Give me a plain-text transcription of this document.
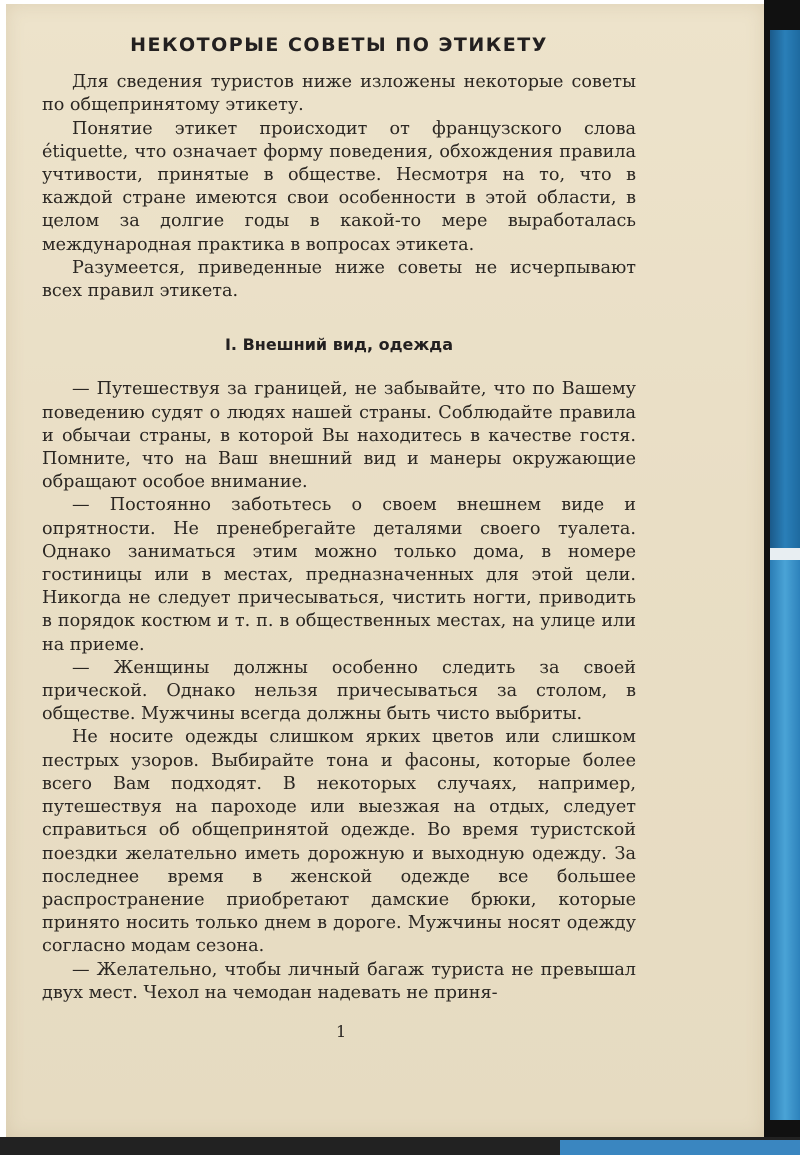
НЕКОТОРЫЕ СОВЕТЫ ПО ЭТИКЕТУ

Для сведения туристов ниже изложены некоторые советы по общепринятому этикету.

Понятие этикет происходит от французского слова étiquette, что означает форму поведения, обхождения правила учтивости, принятые в обществе. Несмотря на то, что в каждой стране имеются свои особенности в этой области, в целом за долгие годы в какой-то мере выработалась международная практика в вопросах этикета.

Разумеется, приведенные ниже советы не исчерпывают всех правил этикета.

I. Внешний вид, одежда

— Путешествуя за границей, не забывайте, что по Вашему поведению судят о людях нашей страны. Соблюдайте правила и обычаи страны, в которой Вы находитесь в качестве гостя. Помните, что на Ваш внешний вид и манеры окружающие обращают особое внимание.

— Постоянно заботьтесь о своем внешнем виде и опрятности. Не пренебрегайте деталями своего туалета. Однако заниматься этим можно только дома, в номере гостиницы или в местах, предназначенных для этой цели. Никогда не следует причесываться, чистить ногти, приводить в порядок костюм и т. п. в общественных местах, на улице или на приеме.

— Женщины должны особенно следить за своей прической. Однако нельзя причесываться за столом, в обществе. Мужчины всегда должны быть чисто выбриты.

Не носите одежды слишком ярких цветов или слишком пестрых узоров. Выбирайте тона и фасоны, которые более всего Вам подходят. В некоторых случаях, например, путешествуя на пароходе или выезжая на отдых, следует справиться об общепринятой одежде. Во время туристской поездки желательно иметь дорожную и выходную одежду. За последнее время в женской одежде все большее распространение приобретают дамские брюки, которые принято носить только днем в дороге. Мужчины носят одежду согласно модам сезона.

— Желательно, чтобы личный багаж туриста не превышал двух мест. Чехол на чемодан надевать не приня-

1
